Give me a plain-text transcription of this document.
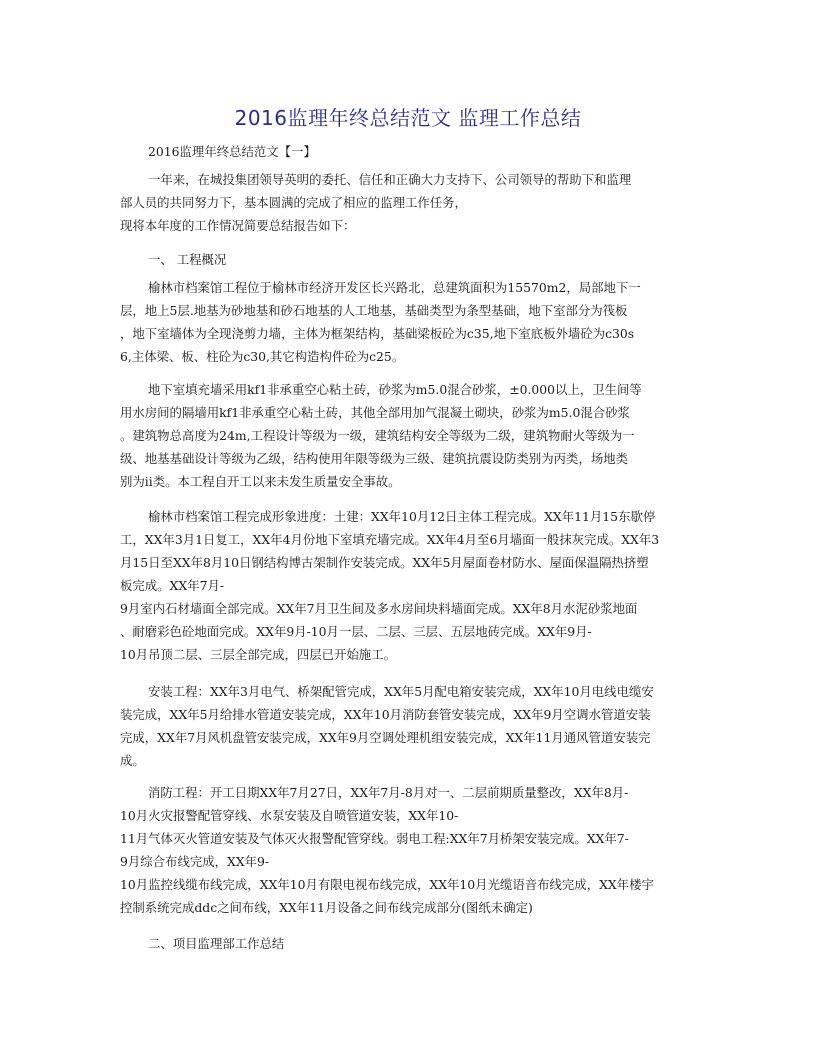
2016监理年终总结范文 监理工作总结
2016监理年终总结范文【一】
一年来，在城投集团领导英明的委托、信任和正确大力支持下、公司领导的帮助下和监理
部人员的共同努力下，基本圆满的完成了相应的监理工作任务，
现将本年度的工作情况简要总结报告如下：
一、 工程概况
榆林市档案馆工程位于榆林市经济开发区长兴路北，总建筑面积为15570m2，局部地下一
层，地上5层.地基为砂地基和砂石地基的人工地基，基础类型为条型基础，地下室部分为筏板
，地下室墙体为全现浇剪力墙，主体为框架结构，基础梁板砼为c35,地下室底板外墙砼为c30s
6,主体梁、板、柱砼为c30,其它构造构件砼为c25。
地下室填充墙采用kf1非承重空心粘土砖，砂浆为m5.0混合砂浆，±0.000以上，卫生间等
用水房间的隔墙用kf1非承重空心粘土砖，其他全部用加气混凝土砌块，砂浆为m5.0混合砂浆
。建筑物总高度为24m,工程设计等级为一级，建筑结构安全等级为二级，建筑物耐火等级为一
级、地基基础设计等级为乙级，结构使用年限等级为三级、建筑抗震设防类别为丙类，场地类
别为ii类。本工程自开工以来未发生质量安全事故。
榆林市档案馆工程完成形象进度：土建：XX年10月12日主体工程完成。XX年11月15东歇停
工，XX年3月1日复工，XX年4月份地下室填充墙完成。XX年4月至6月墙面一般抹灰完成。XX年3
月15日至XX年8月10日钢结构博古架制作安装完成。XX年5月屋面卷材防水、屋面保温隔热挤塑
板完成。XX年7月-
9月室内石材墙面全部完成。XX年7月卫生间及多水房间块料墙面完成。XX年8月水泥砂浆地面
、耐磨彩色砼地面完成。XX年9月-10月一层、二层、三层、五层地砖完成。XX年9月-
10月吊顶二层、三层全部完成，四层已开始施工。
安装工程：XX年3月电气、桥架配管完成，XX年5月配电箱安装完成，XX年10月电线电缆安
装完成，XX年5月给排水管道安装完成，XX年10月消防套管安装完成，XX年9月空调水管道安装
完成，XX年7月风机盘管安装完成，XX年9月空调处理机组安装完成，XX年11月通风管道安装完
成。
消防工程：开工日期XX年7月27日，XX年7月-8月对一、二层前期质量整改，XX年8月-
10月火灾报警配管穿线、水泵安装及自喷管道安装，XX年10-
11月气体灭火管道安装及气体灭火报警配管穿线。弱电工程:XX年7月桥架安装完成。XX年7-
9月综合布线完成，XX年9-
10月监控线缆布线完成，XX年10月有限电视布线完成，XX年10月光缆语音布线完成，XX年楼宇
控制系统完成ddc之间布线，XX年11月设备之间布线完成部分(图纸未确定)
二、项目监理部工作总结
